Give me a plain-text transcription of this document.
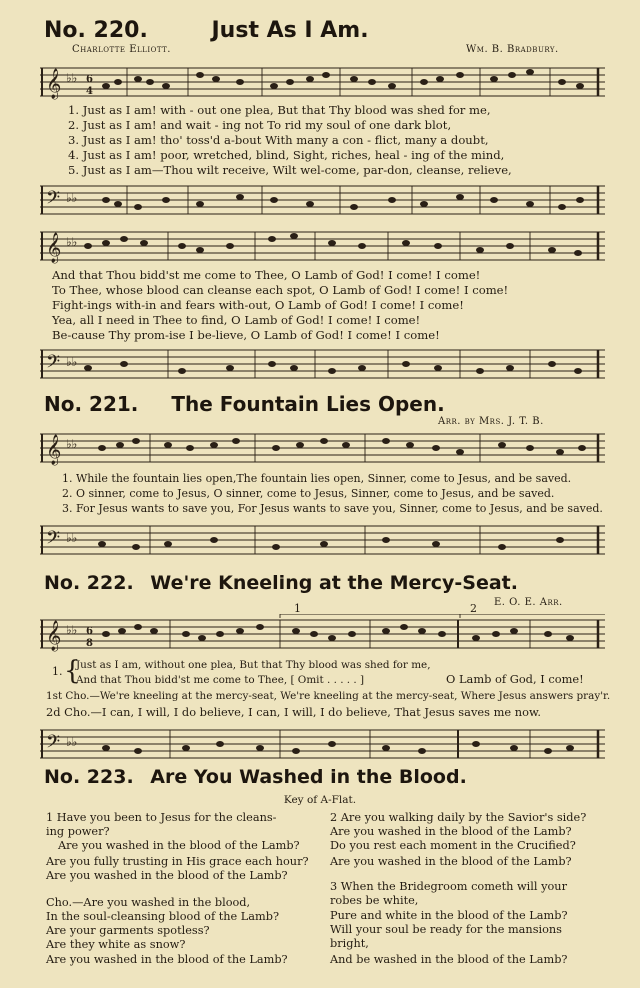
No. 220.	Just As I Am.
Charlotte Elliott.	Wm. B. Bradbury.
𝄞 ♭♭ 6
4
1. Just as I am! with - out one plea, But that Thy blood was shed for me,
2. Just as I am! and wait - ing not To rid my soul of one dark blot,
3. Just as I am! tho' toss'd a-bout With many a con - flict, many a doubt,
4. Just as I am! poor, wretched, blind, Sight, riches, heal - ing of the mind,
5. Just as I am—Thou wilt receive, Wilt wel-come, par-don, cleanse, relieve,
𝄢 ♭♭
𝄞 ♭♭
And that Thou bidd'st me come to Thee, O Lamb of God! I come! I come!
To Thee, whose blood can cleanse each spot, O Lamb of God! I come! I come!
Fight-ings with-in and fears with-out, O Lamb of God! I come! I come!
Yea, all I need in Thee to find, O Lamb of God! I come! I come!
Be-cause Thy prom-ise I be-lieve, O Lamb of God! I come! I come!
𝄢 ♭♭
No. 221. The Fountain Lies Open.
Arr. by Mrs. J. T. B.
𝄞 ♭♭
1. While the fountain lies open,The fountain lies open, Sinner, come to Jesus, and be saved.
2. O sinner, come to Jesus, O sinner, come to Jesus, Sinner, come to Jesus, and be saved.
3. For Jesus wants to save you, For Jesus wants to save you, Sinner, come to Jesus, and be saved.
𝄢 ♭♭
No. 222. We're Kneeling at the Mercy-Seat.
E. O. E. Arr.
1	2
𝄞 ♭♭ 6
8
1. {
Just as I am, without one plea, But that Thy blood was shed for me,
And that Thou bidd'st me come to Thee, [ Omit . . . . . ]	O Lamb of God, I come!
1st Cho.—We're kneeling at the mercy-seat, We're kneeling at the mercy-seat, Where Jesus answers pray'r.
2d Cho.—I can, I will, I do believe, I can, I will, I do believe, That Jesus saves me now.
𝄢 ♭♭
No. 223. Are You Washed in the Blood.
Key of A-Flat.
1 Have you been to Jesus for the cleans-
ing power?
Are you washed in the blood of the Lamb?
Are you fully trusting in His grace each hour?
Are you washed in the blood of the Lamb?
Cho.—Are you washed in the blood,
In the soul-cleansing blood of the Lamb?
Are your garments spotless?
Are they white as snow?
Are you washed in the blood of the Lamb?
2 Are you walking daily by the Savior's side?
Are you washed in the blood of the Lamb?
Do you rest each moment in the Crucified?
Are you washed in the blood of the Lamb?
3 When the Bridegroom cometh will your
robes be white,
Pure and white in the blood of the Lamb?
Will your soul be ready for the mansions
bright,
And be washed in the blood of the Lamb?
